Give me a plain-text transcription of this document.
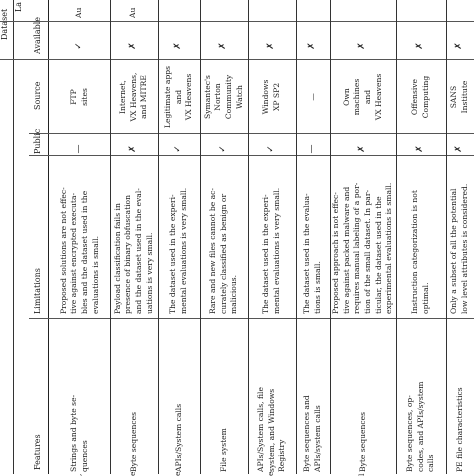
Dataset
La
Features
Limitations
Public
Source
Available
,
Strings and byte se- quences
Proposed solutions are not effec- tive against encrypted executa- bles and the dataset used in the evaluations is small.
FTP sites
—
✓
Au
e
Byte sequences
Payload classification fails in presence of binary obfuscation and the dataset used in the eval- uations is very small.
Internet, VX Heavens, and MITRE
✗
✗
Au
e
APIs/System calls
The dataset used in the experi- mental evaluations is very small.
Legitimate apps and VX Heavens
✓
✗
File system
Rare and new files cannot be ac- curately classified as benign or malicious.
Symantec's Norton Community Watch
✓
✗
e
APIs/System calls, file system, and Windows Registry
The dataset used in the experi- mental evaluations is very small.
Windows XP SP2
✓
✗
Byte sequences and APIs/system calls
The dataset used in the evalua- tions is small.
—
—
✗
l
Byte sequences
Proposed approach is not effec- tive against packed malware and requires manual labeling of a por- tion of the small dataset. In par- ticular, the dataset used in the experimental evaluations is small.
Own machines and VX Heavens
✗
✗
Byte sequences, op- codes, and APIs/system calls
Instruction categorization is not optimal.
Offensive Computing
✗
✗
PE file characteristics
Only a subset of all the potential low level attributes is considered.
SANS Institute
✗
✗
